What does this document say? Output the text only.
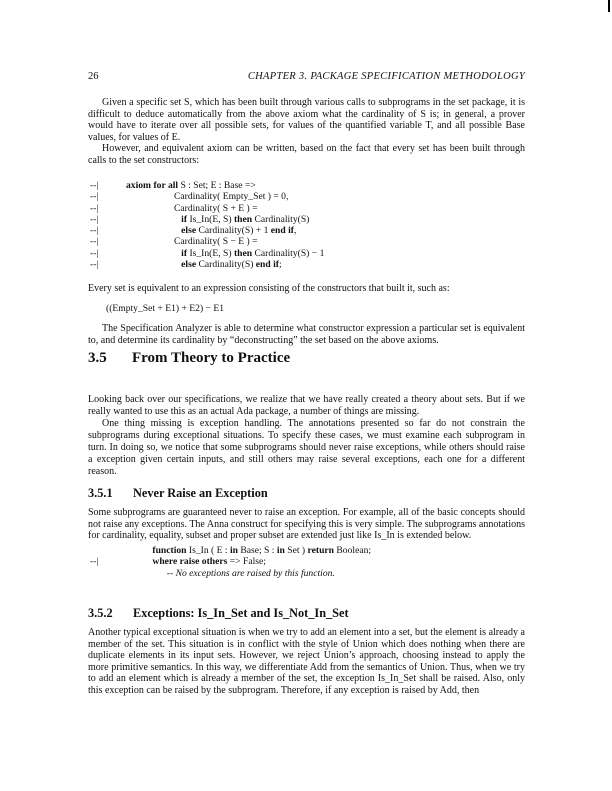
26	CHAPTER 3. PACKAGE SPECIFICATION METHODOLOGY

Given a specific set S, which has been built through various calls to subprograms in the set package, it is difficult to deduce automatically from the above axiom what the cardinality of S is; in general, a prover would have to iterate over all possible sets, for values of the quantified variable T, and all possible Base values, for values of E.

However, and equivalent axiom can be written, based on the fact that every set has been built through calls to the set constructors:

--|	axiom for all S : Set; E : Base =>
--|	Cardinality( Empty_Set ) = 0,
--|	Cardinality( S + E ) =
--|	if Is_In(E, S) then Cardinality(S)
--|	else Cardinality(S) + 1 end if,
--|	Cardinality( S − E ) =
--|	if Is_In(E, S) then Cardinality(S) − 1
--|	else Cardinality(S) end if;

Every set is equivalent to an expression consisting of the constructors that built it, such as:

((Empty_Set + E1) + E2) − E1

The Specification Analyzer is able to determine what constructor expression a particular set is equivalent to, and determine its cardinality by “deconstructing” the set based on the above axioms.

3.5 From Theory to Practice

Looking back over our specifications, we realize that we have really created a theory about sets. But if we really wanted to use this as an actual Ada package, a number of things are missing.

One thing missing is exception handling. The annotations presented so far do not constrain the subprograms during exceptional situations. To specify these cases, we must examine each subprogram in turn. In doing so, we notice that some subprograms should never raise exceptions, while others should raise a exception given certain inputs, and still others may raise several exceptions, each one for a different reason.

3.5.1 Never Raise an Exception

Some subprograms are guaranteed never to raise an exception. For example, all of the basic concepts should not raise any exceptions. The Anna construct for specifying this is very simple. The subprograms annotations for cardinality, equality, subset and proper subset are extended just like Is_In is extended below.

function Is_In ( E : in Base; S : in Set ) return Boolean;
--|	where raise others => False;
-- No exceptions are raised by this function.
3.5.2 Exceptions: Is_In_Set and Is_Not_In_Set

Another typical exceptional situation is when we try to add an element into a set, but the element is already a member of the set. This situation is in conflict with the style of Union which does nothing when there are duplicate elements in its input sets. However, we reject Union’s approach, choosing instead to apply the more primitive semantics. In this way, we differentiate Add from the semantics of Union. Thus, when we try to add an element which is already a member of the set, the exception Is_In_Set shall be raised. Also, only this exception can be raised by the subprogram. Therefore, if any exception is raised by Add, then
